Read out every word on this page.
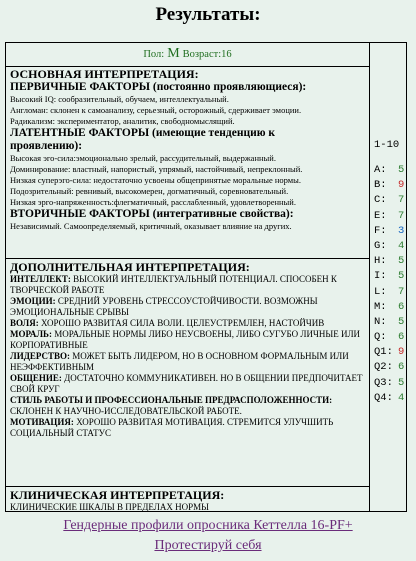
Результаты:
Пол: M Возраст:16
ОСНОВНАЯ ИНТЕРПРЕТАЦИЯ:
ПЕРВИЧНЫЕ ФАКТОРЫ (постоянно проявляющиеся):
Высокий IQ: сообразительный, обучаем, интеллектуальный.
Англоман: склонен к самоанализу, серьезный, осторожный, сдерживает эмоции.
Радикализм: экспериментатор, аналитик, свободномыслящий.
ЛАТЕНТНЫЕ ФАКТОРЫ (имеющие тенденцию к
проявлению):
Высокая эго-сила:эмоционально зрелый, рассудительный, выдержанный.
Доминирование: властный, напористый, упрямый, настойчивый, непреклонный.
Низкая суперэго-сила: недостаточно усвоены общепринятые моральные нормы.
Подозрительный: ревнивый, высокомерен, догматичный, соревновательный.
Низкая эрго-напряженность:флегматичный, расслабленный, удовлетворенный.
ВТОРИЧНЫЕ ФАКТОРЫ (интегративные свойства):
Независимый. Самоопределяемый, критичный, оказывает влияние на других.
ДОПОЛНИТЕЛЬНАЯ ИНТЕРПРЕТАЦИЯ:
ИНТЕЛЛЕКТ: ВЫСОКИЙ ИНТЕЛЛЕКТУАЛЬНЫЙ ПОТЕНЦИАЛ. СПОСОБЕН К ТВОРЧЕСКОЙ РАБОТЕ
ЭМОЦИИ: СРЕДНИЙ УРОВЕНЬ СТРЕССОУСТОЙЧИВОСТИ. ВОЗМОЖНЫ ЭМОЦИОНАЛЬНЫЕ СРЫВЫ
ВОЛЯ: ХОРОШО РАЗВИТАЯ СИЛА ВОЛИ. ЦЕЛЕУСТРЕМЛЕН, НАСТОЙЧИВ
МОРАЛЬ: МОРАЛЬНЫЕ НОРМЫ ЛИБО НЕУСВОЕНЫ, ЛИБО СУГУБО ЛИЧНЫЕ ИЛИ КОРПОРАТИВНЫЕ
ЛИДЕРСТВО: МОЖЕТ БЫТЬ ЛИДЕРОМ, НО В ОСНОВНОМ ФОРМАЛЬНЫМ ИЛИ НЕЭФФЕКТИВНЫМ
ОБЩЕНИЕ: ДОСТАТОЧНО КОММУНИКАТИВЕН. НО В ОБЩЕНИИ ПРЕДПОЧИТАЕТ СВОЙ КРУГ
СТИЛЬ РАБОТЫ И ПРОФЕССИОНАЛЬНЫЕ ПРЕДРАСПОЛОЖЕННОСТИ: СКЛОНЕН К НАУЧНО-ИССЛЕДОВАТЕЛЬСКОЙ РАБОТЕ.
МОТИВАЦИЯ: ХОРОШО РАЗВИТАЯ МОТИВАЦИЯ. СТРЕМИТСЯ УЛУЧШИТЬ СОЦИАЛЬНЫЙ СТАТУС
КЛИНИЧЕСКАЯ ИНТЕРПРЕТАЦИЯ:
КЛИНИЧЕСКИЕ ШКАЛЫ В ПРЕДЕЛАХ НОРМЫ
1-10
A: 5
B: 9
C: 7
E: 7
F: 3
G: 4
H: 5
I: 5
L: 7
M: 6
N: 5
Q: 6
Q1: 9
Q2: 6
Q3: 5
Q4: 4
Гендерные профили опросника Кеттелла 16-PF+
Протестируй себя
